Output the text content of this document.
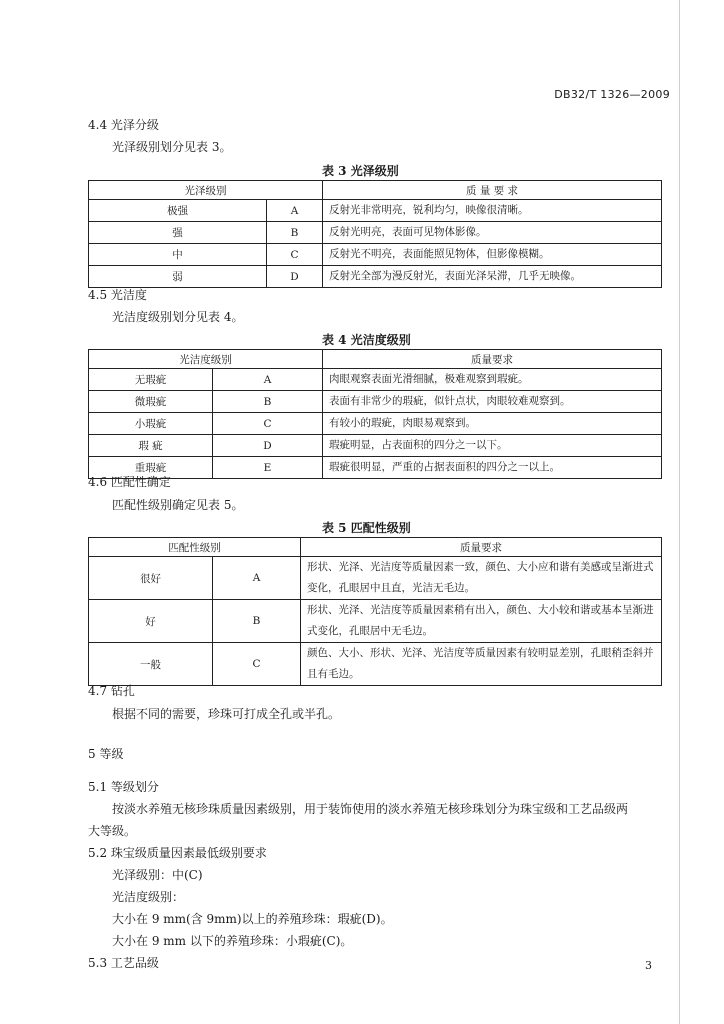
DB32/T 1326—2009
4.4 光泽分级
光泽级别划分见表 3。
表 3 光泽级别
光泽级别		质 量 要 求
极强	A	反射光非常明亮，锐利均匀，映像很清晰。
强	B	反射光明亮，表面可见物体影像。
中	C	反射光不明亮，表面能照见物体，但影像模糊。
弱	D	反射光全部为漫反射光，表面光泽呆滞，几乎无映像。
4.5 光洁度
光洁度级别划分见表 4。
表 4 光洁度级别
光洁度级别		质量要求
无瑕疵	A	肉眼观察表面光滑细腻，极难观察到瑕疵。
微瑕疵	B	表面有非常少的瑕疵，似针点状，肉眼较难观察到。
小瑕疵	C	有较小的瑕疵，肉眼易观察到。
瑕 疵	D	瑕疵明显，占表面积的四分之一以下。
重瑕疵	E	瑕疵很明显，严重的占据表面积的四分之一以上。
4.6 匹配性确定
匹配性级别确定见表 5。
表 5 匹配性级别
匹配性级别		质量要求
很好	A	形状、光泽、光洁度等质量因素一致，颜色、大小应和谐有美感或呈渐进式变化，孔眼居中且直，光洁无毛边。
好	B	形状、光泽、光洁度等质量因素稍有出入，颜色、大小较和谐或基本呈渐进式变化，孔眼居中无毛边。
一般	C	颜色、大小、形状、光泽、光洁度等质量因素有较明显差别，孔眼稍歪斜并且有毛边。
4.7 钻孔
根据不同的需要，珍珠可打成全孔或半孔。
5 等级
5.1 等级划分
按淡水养殖无核珍珠质量因素级别，用于装饰使用的淡水养殖无核珍珠划分为珠宝级和工艺品级两
大等级。
5.2 珠宝级质量因素最低级别要求
光泽级别：中(C)
光洁度级别：
大小在 9 mm(含 9mm)以上的养殖珍珠：瑕疵(D)。
大小在 9 mm 以下的养殖珍珠：小瑕疵(C)。
5.3 工艺品级	3
